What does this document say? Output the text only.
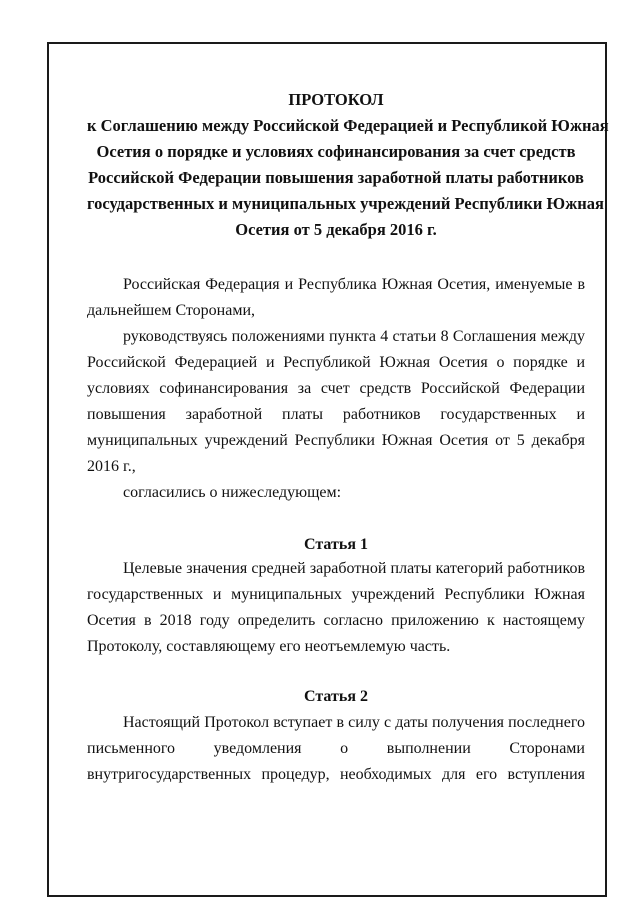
ПРОТОКОЛ
к Соглашению между Российской Федерацией и Республикой Южная
Осетия о порядке и условиях софинансирования за счет средств
Российской Федерации повышения заработной платы работников
государственных и муниципальных учреждений Республики Южная
Осетия от 5 декабря 2016 г.
Российская Федерация и Республика Южная Осетия, именуемые в
дальнейшем Сторонами,
руководствуясь положениями пункта 4 статьи 8 Соглашения между
Российской Федерацией и Республикой Южная Осетия о порядке и
условиях софинансирования за счет средств Российской Федерации
повышения заработной платы работников государственных и
муниципальных учреждений Республики Южная Осетия от 5 декабря
2016 г.,
согласились о нижеследующем:
Статья 1
Целевые значения средней заработной платы категорий работников
государственных и муниципальных учреждений Республики Южная
Осетия в 2018 году определить согласно приложению к настоящему
Протоколу, составляющему его неотъемлемую часть.
Статья 2
Настоящий Протокол вступает в силу с даты получения последнего
письменного уведомления о выполнении Сторонами
внутригосударственных процедур, необходимых для его вступления
